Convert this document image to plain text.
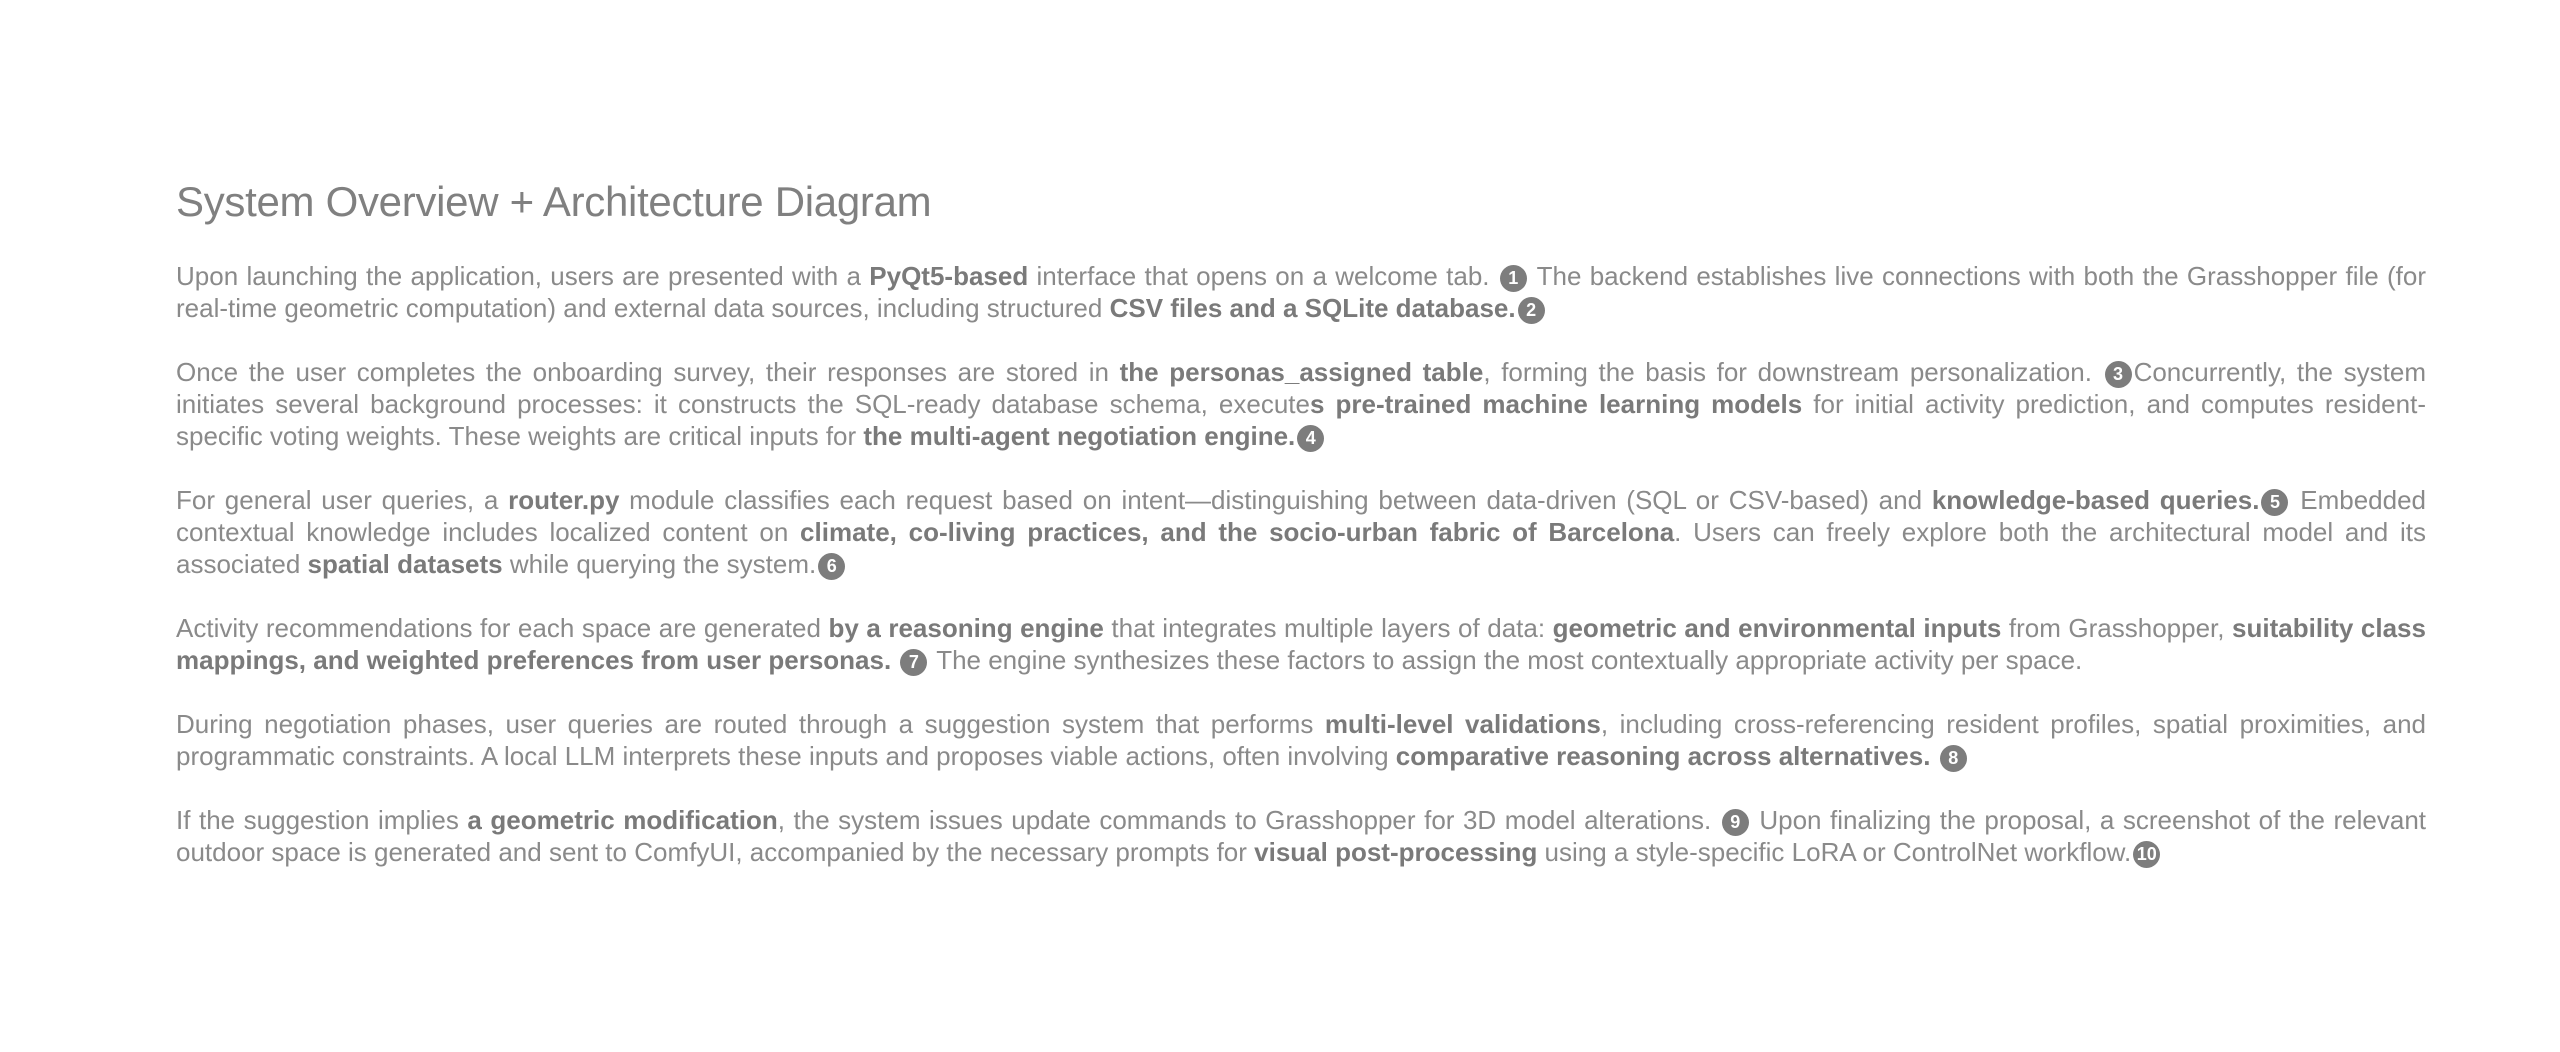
System Overview + Architecture Diagram

Upon launching the application, users are presented with a PyQt5-based interface that opens on a welcome tab. 1 The backend establishes live connections with both the Grasshopper file (for real-time geometric computation) and external data sources, including structured CSV files and a SQLite database. 2

Once the user completes the onboarding survey, their responses are stored in the personas_assigned table, forming the basis for downstream personalization. 3 Concurrently, the system initiates several background processes: it constructs the SQL-ready database schema, executes pre-trained machine learning models for initial activity prediction, and computes resident-specific voting weights. These weights are critical inputs for the multi-agent negotiation engine. 4

For general user queries, a router.py module classifies each request based on intent—distinguishing between data-driven (SQL or CSV-based) and knowledge-based queries. 5 Embedded contextual knowledge includes localized content on climate, co-living practices, and the socio-urban fabric of Barcelona. Users can freely explore both the architectural model and its associated spatial datasets while querying the system. 6

Activity recommendations for each space are generated by a reasoning engine that integrates multiple layers of data: geometric and environmental inputs from Grasshopper, suitability class mappings, and weighted preferences from user personas. 7 The engine synthesizes these factors to assign the most contextually appropriate activity per space.

During negotiation phases, user queries are routed through a suggestion system that performs multi-level validations, including cross-referencing resident profiles, spatial proximities, and programmatic constraints. A local LLM interprets these inputs and proposes viable actions, often involving comparative reasoning across alternatives. 8

If the suggestion implies a geometric modification, the system issues update commands to Grasshopper for 3D model alterations. 9 Upon finalizing the proposal, a screenshot of the relevant outdoor space is generated and sent to ComfyUI, accompanied by the necessary prompts for visual post-processing using a style-specific LoRA or ControlNet workflow. 10
